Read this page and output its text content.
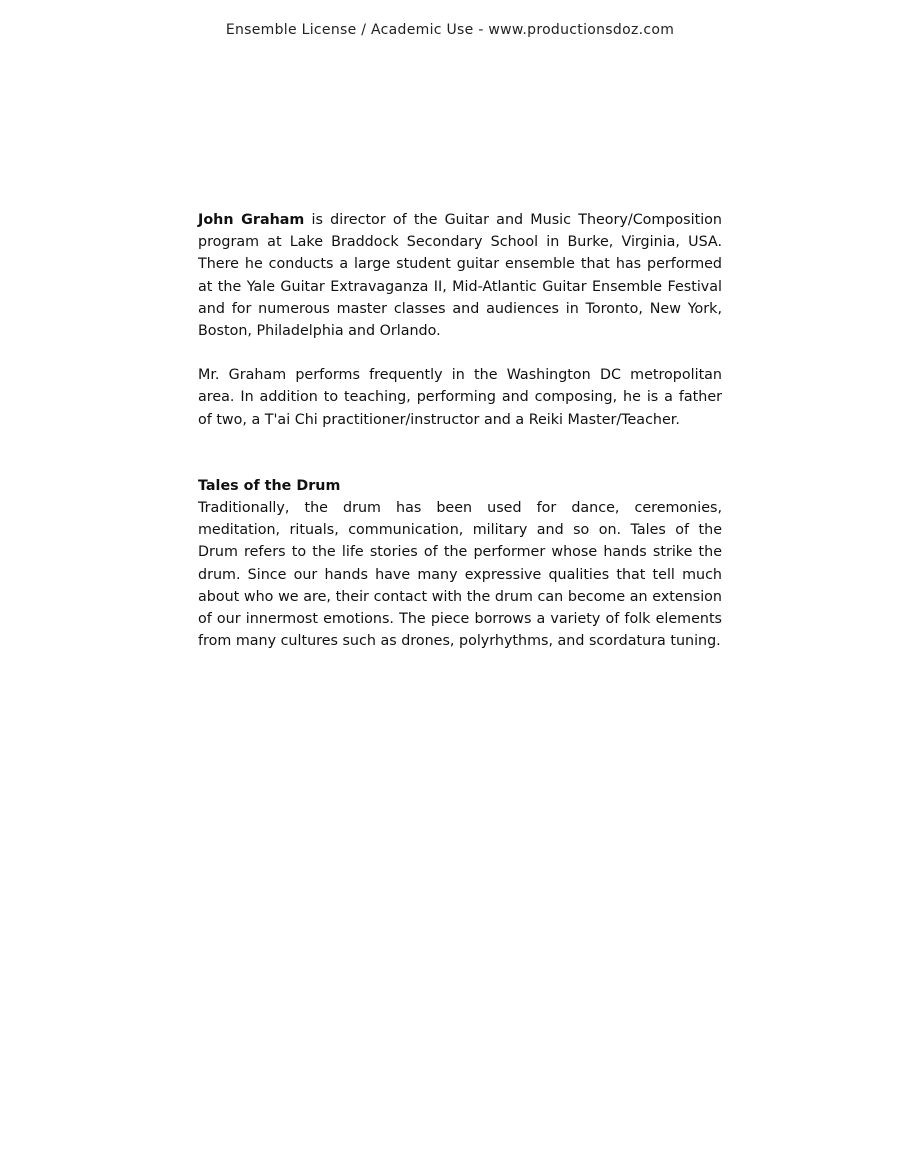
Ensemble License / Academic Use - www.productionsdoz.com

John Graham is director of the Guitar and Music Theory/Composition program at Lake Braddock Secondary School in Burke, Virginia, USA. There he conducts a large student guitar ensemble that has performed at the Yale Guitar Extravaganza II, Mid-Atlantic Guitar Ensemble Festival and for numerous master classes and audiences in Toronto, New York, Boston, Philadelphia and Orlando.

Mr. Graham performs frequently in the Washington DC metropolitan area. In addition to teaching, performing and composing, he is a father of two, a T'ai Chi practitioner/instructor and a Reiki Master/Teacher.

Tales of the Drum

Traditionally, the drum has been used for dance, ceremonies, meditation, rituals, communication, military and so on. Tales of the Drum refers to the life stories of the performer whose hands strike the drum. Since our hands have many expressive qualities that tell much about who we are, their contact with the drum can become an extension of our innermost emotions. The piece borrows a variety of folk elements from many cultures such as drones, polyrhythms, and scordatura tuning.
